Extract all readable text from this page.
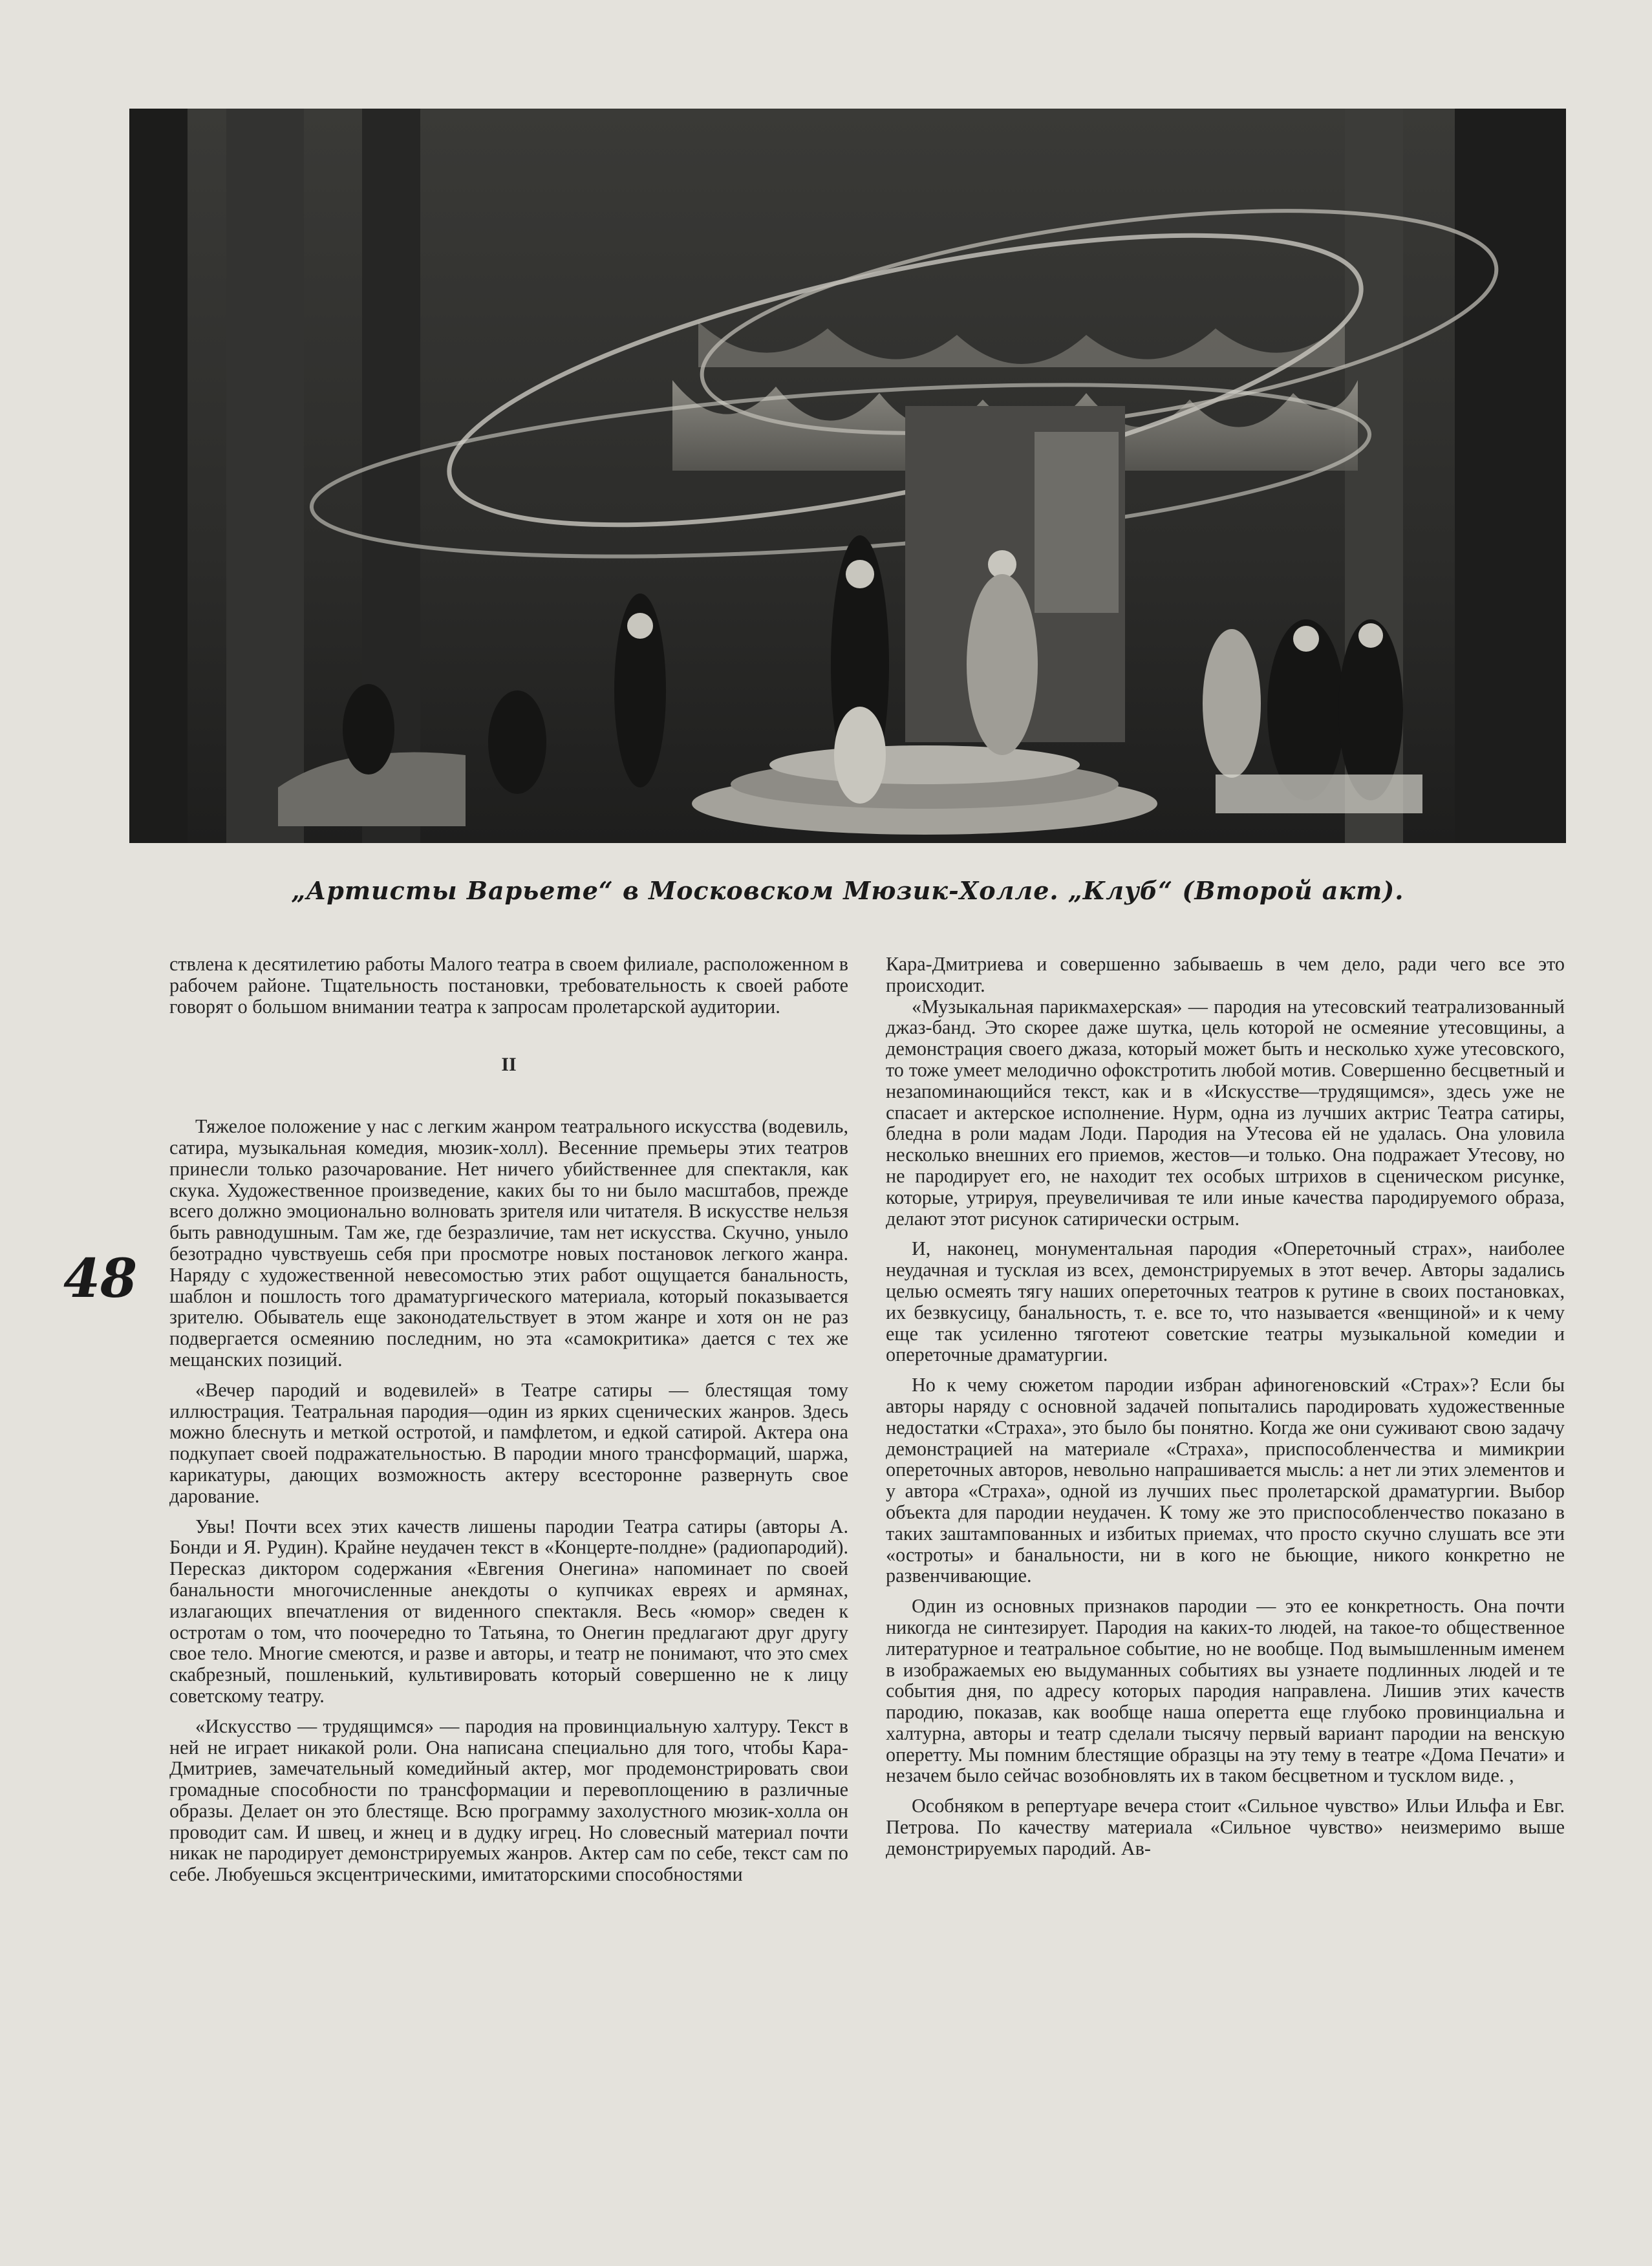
„Артисты Варьете“ в Московском Мюзик-Холле. „Клуб“ (Второй акт).
48

ствлена к десятилетию работы Малого театра в своем филиале, расположенном в рабочем районе. Тщательность постановки, требовательность к своей работе говорят о большом внимании театра к запросам пролетарской аудитории.

II

Тяжелое положение у нас с легким жанром театрального искусства (водевиль, сатира, музыкальная комедия, мюзик-холл). Весенние премьеры этих театров принесли только разочарование. Нет ничего убийственнее для спектакля, как скука. Художественное произведение, каких бы то ни было масштабов, прежде всего должно эмоционально волновать зрителя или читателя. В искусстве нельзя быть равнодушным. Там же, где безразличие, там нет искусства. Скучно, уныло безотрадно чувствуешь себя при просмотре новых постановок легкого жанра. Наряду с художественной невесомостью этих работ ощущается банальность, шаблон и пошлость того драматургического материала, который показывается зрителю. Обыватель еще законодательствует в этом жанре и хотя он не раз подвергается осмеянию последним, но эта «самокритика» дается с тех же мещанских позиций.

«Вечер пародий и водевилей» в Театре сатиры — блестящая тому иллюстрация. Театральная пародия—один из ярких сценических жанров. Здесь можно блеснуть и меткой остротой, и памфлетом, и едкой сатирой. Актера она подкупает своей подражательностью. В пародии много трансформаций, шаржа, карикатуры, дающих возможность актеру всесторонне развернуть свое дарование.

Увы! Почти всех этих качеств лишены пародии Театра сатиры (авторы А. Бонди и Я. Рудин). Крайне неудачен текст в «Концерте-полдне» (радиопародий). Пересказ диктором содержания «Евгения Онегина» напоминает по своей банальности многочисленные анекдоты о купчиках евреях и армянах, излагающих впечатления от виденного спектакля. Весь «юмор» сведен к остротам о том, что поочередно то Татьяна, то Онегин предлагают друг другу свое тело. Многие смеются, и разве и авторы, и театр не понимают, что это смех скабрезный, пошленький, культивировать который совершенно не к лицу советскому театру.

«Искусство — трудящимся» — пародия на провинциальную халтуру. Текст в ней не играет никакой роли. Она написана специально для того, чтобы Кара-Дмитриев, замечательный комедийный актер, мог продемонстрировать свои громадные способности по трансформации и перевоплощению в различные образы. Делает он это блестяще. Всю программу захолустного мюзик-холла он проводит сам. И швец, и жнец и в дудку игрец. Но словесный материал почти никак не пародирует демонстрируемых жанров. Актер сам по себе, текст сам по себе. Любуешься эксцентрическими, имитаторскими способностями

Кара-Дмитриева и совершенно забываешь в чем дело, ради чего все это происходит.

«Музыкальная парикмахерская» — пародия на утесовский театрализованный джаз-банд. Это скорее даже шутка, цель которой не осмеяние утесовщины, а демонстрация своего джаза, который может быть и несколько хуже утесовского, то тоже умеет мелодично офокстротить любой мотив. Совершенно бесцветный и незапоминающийся текст, как и в «Искусстве—трудящимся», здесь уже не спасает и актерское исполнение. Нурм, одна из лучших актрис Театра сатиры, бледна в роли мадам Лоди. Пародия на Утесова ей не удалась. Она уловила несколько внешних его приемов, жестов—и только. Она подражает Утесову, но не пародирует его, не находит тех особых штрихов в сценическом рисунке, которые, утрируя, преувеличивая те или иные качества пародируемого образа, делают этот рисунок сатирически острым.

И, наконец, монументальная пародия «Опереточный страх», наиболее неудачная и тусклая из всех, демонстрируемых в этот вечер. Авторы задались целью осмеять тягу наших опереточных театров к рутине в своих постановках, их безвкусицу, банальность, т. е. все то, что называется «венщиной» и к чему еще так усиленно тяготеют советские театры музыкальной комедии и опереточные драматургии.

Но к чему сюжетом пародии избран афиногеновский «Страх»? Если бы авторы наряду с основной задачей попытались пародировать художественные недостатки «Страха», это было бы понятно. Когда же они суживают свою задачу демонстрацией на материале «Страха», приспособленчества и мимикрии опереточных авторов, невольно напрашивается мысль: а нет ли этих элементов и у автора «Страха», одной из лучших пьес пролетарской драматургии. Выбор объекта для пародии неудачен. К тому же это приспособленчество показано в таких заштампованных и избитых приемах, что просто скучно слушать все эти «остроты» и банальности, ни в кого не бьющие, никого конкретно не развенчивающие.

Один из основных признаков пародии — это ее конкретность. Она почти никогда не синтезирует. Пародия на каких-то людей, на такое-то общественное литературное и театральное событие, но не вообще. Под вымышленным именем в изображаемых ею выдуманных событиях вы узнаете подлинных людей и те события дня, по адресу которых пародия направлена. Лишив этих качеств пародию, показав, как вообще наша оперетта еще глубоко провинциальна и халтурна, авторы и театр сделали тысячу первый вариант пародии на венскую оперетту. Мы помним блестящие образцы на эту тему в театре «Дома Печати» и незачем было сейчас возобновлять их в таком бесцветном и тусклом виде. ,

Особняком в репертуаре вечера стоит «Сильное чувство» Ильи Ильфа и Евг. Петрова. По качеству материала «Сильное чувство» неизмеримо выше демонстрируемых пародий. Ав-
